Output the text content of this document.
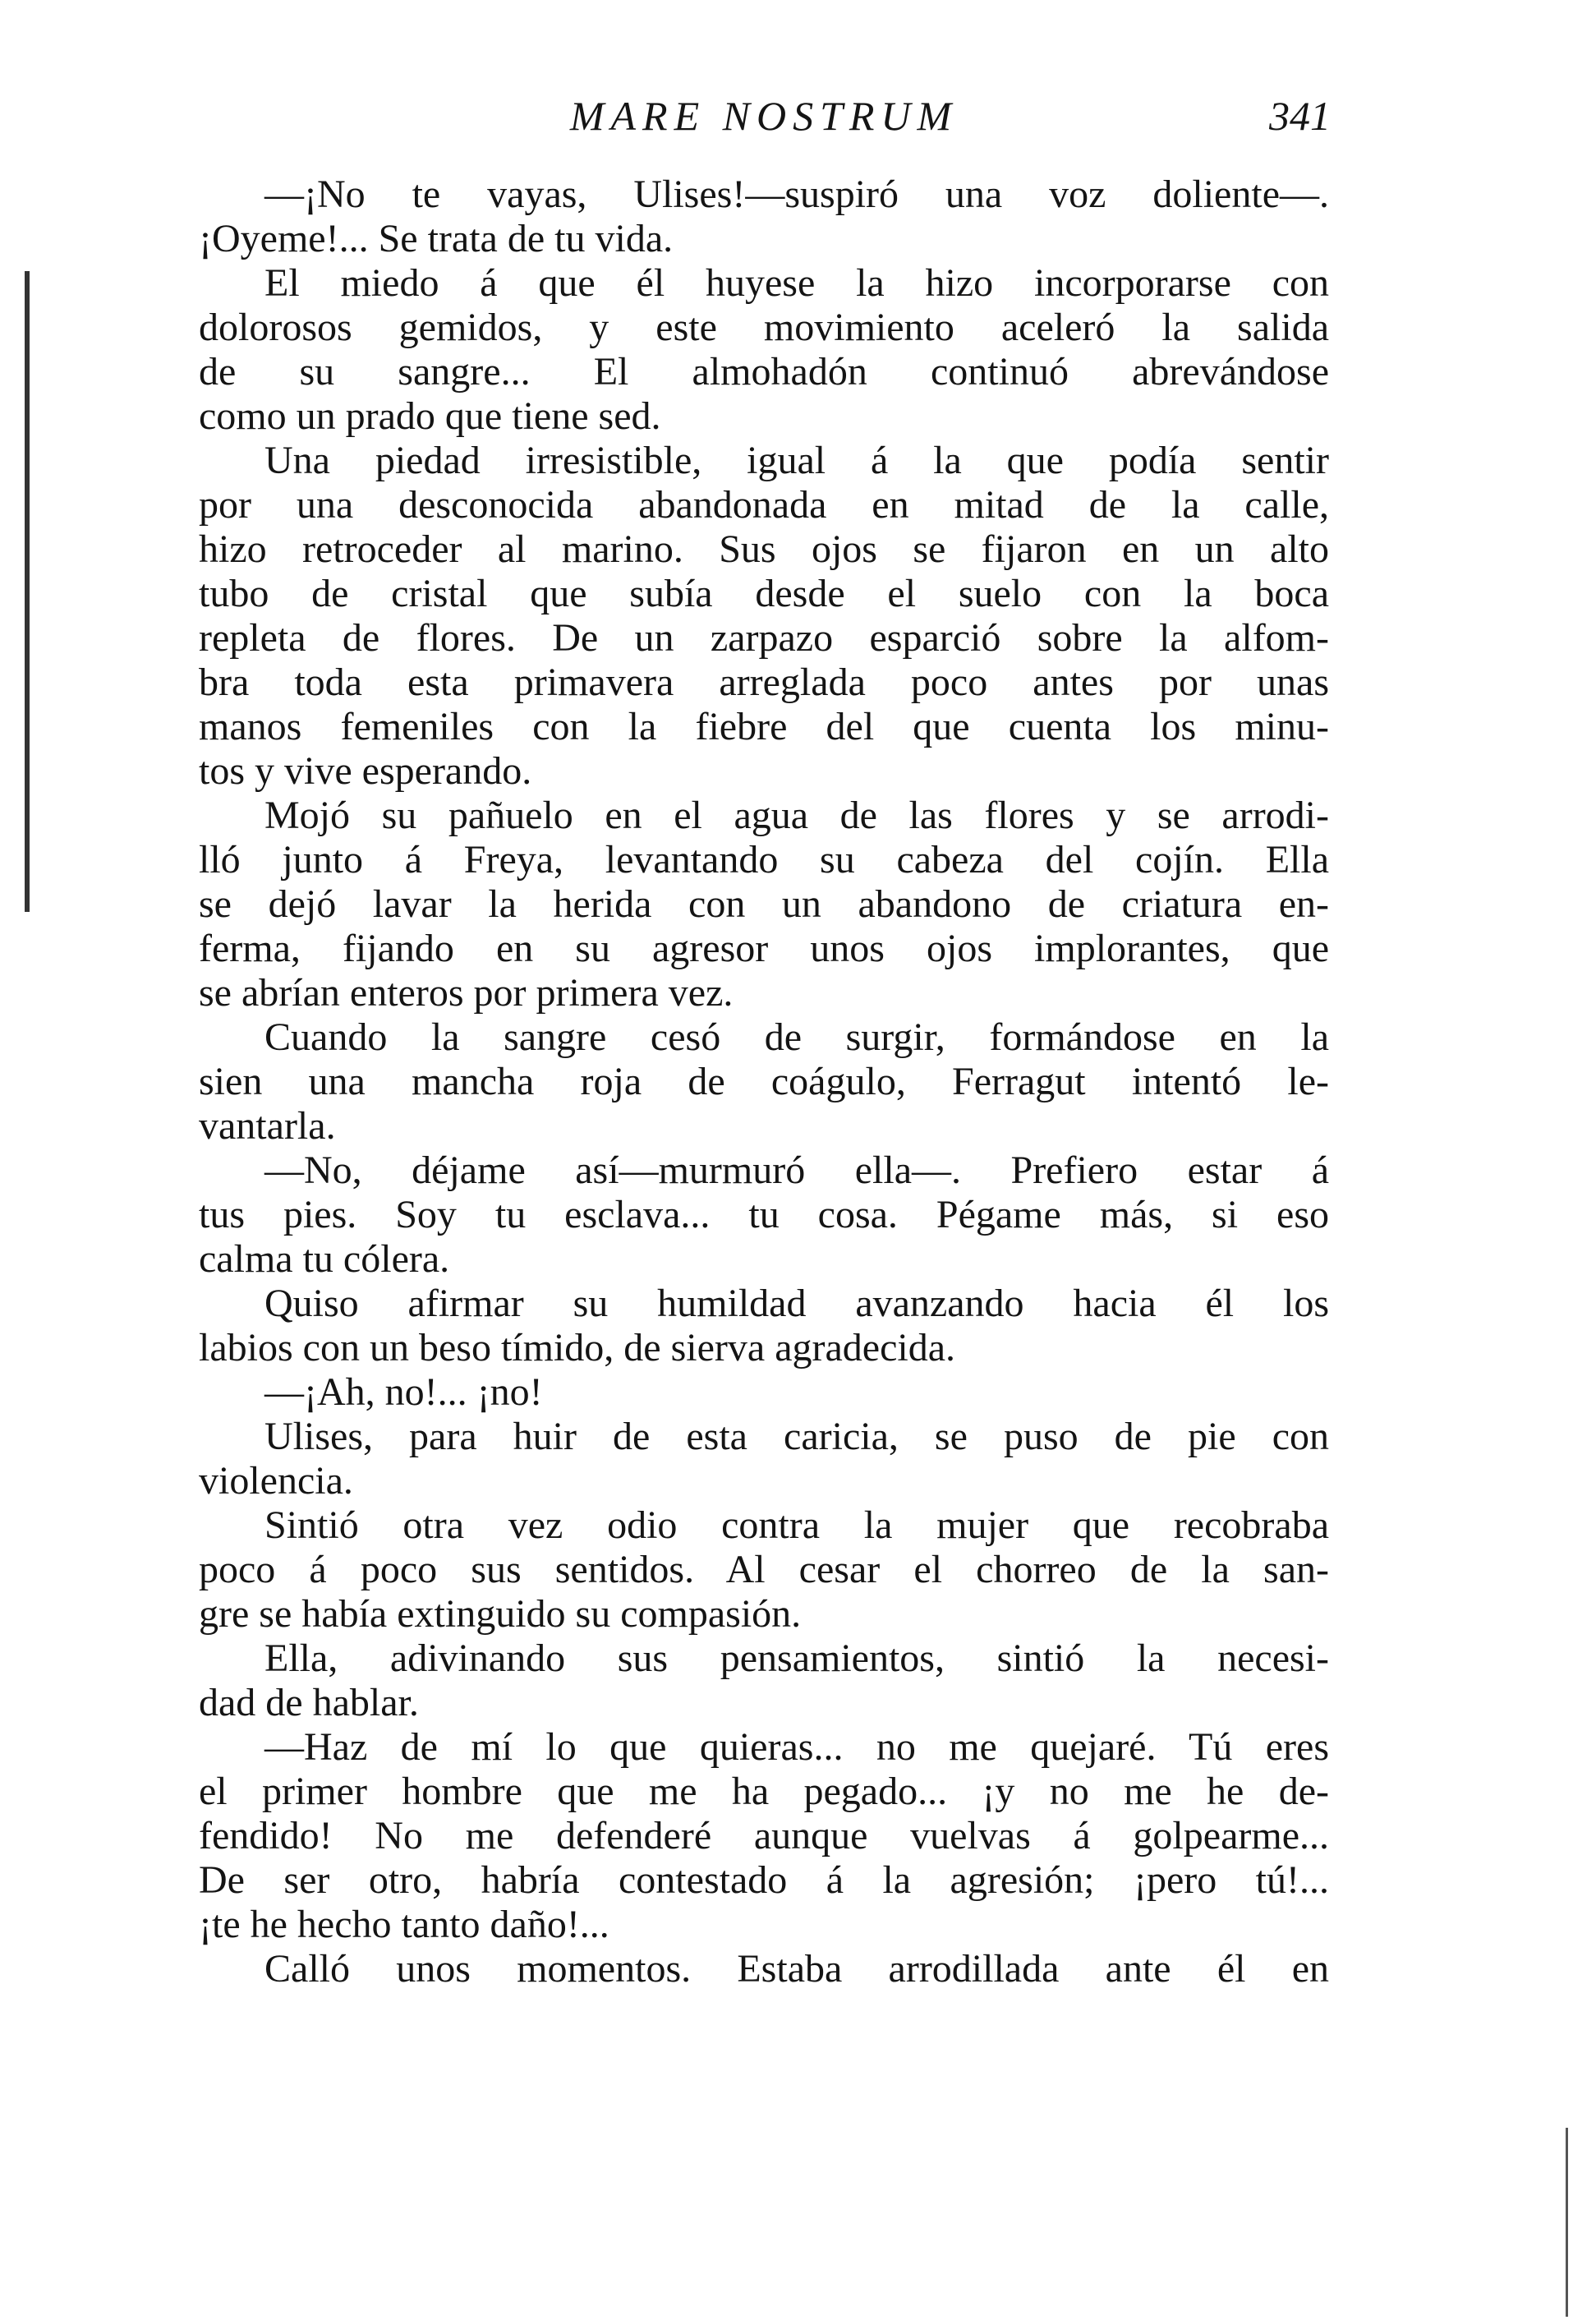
MARE NOSTRUM	341
—¡No te vayas, Ulises!—suspiró una voz doliente—.
¡Oyeme!... Se trata de tu vida.
El miedo á que él huyese la hizo incorporarse con
dolorosos gemidos, y este movimiento aceleró la salida
de su sangre... El almohadón continuó abrevándose
como un prado que tiene sed.
Una piedad irresistible, igual á la que podía sentir
por una desconocida abandonada en mitad de la calle,
hizo retroceder al marino. Sus ojos se fijaron en un alto
tubo de cristal que subía desde el suelo con la boca
repleta de flores. De un zarpazo esparció sobre la alfom-
bra toda esta primavera arreglada poco antes por unas
manos femeniles con la fiebre del que cuenta los minu-
tos y vive esperando.
Mojó su pañuelo en el agua de las flores y se arrodi-
lló junto á Freya, levantando su cabeza del cojín. Ella
se dejó lavar la herida con un abandono de criatura en-
ferma, fijando en su agresor unos ojos implorantes, que
se abrían enteros por primera vez.
Cuando la sangre cesó de surgir, formándose en la
sien una mancha roja de coágulo, Ferragut intentó le-
vantarla.
—No, déjame así—murmuró ella—. Prefiero estar á
tus pies. Soy tu esclava... tu cosa. Pégame más, si eso
calma tu cólera.
Quiso afirmar su humildad avanzando hacia él los
labios con un beso tímido, de sierva agradecida.
—¡Ah, no!... ¡no!
Ulises, para huir de esta caricia, se puso de pie con
violencia.
Sintió otra vez odio contra la mujer que recobraba
poco á poco sus sentidos. Al cesar el chorreo de la san-
gre se había extinguido su compasión.
Ella, adivinando sus pensamientos, sintió la necesi-
dad de hablar.
—Haz de mí lo que quieras... no me quejaré. Tú eres
el primer hombre que me ha pegado... ¡y no me he de-
fendido! No me defenderé aunque vuelvas á golpearme...
De ser otro, habría contestado á la agresión; ¡pero tú!...
¡te he hecho tanto daño!...
Calló unos momentos. Estaba arrodillada ante él en
